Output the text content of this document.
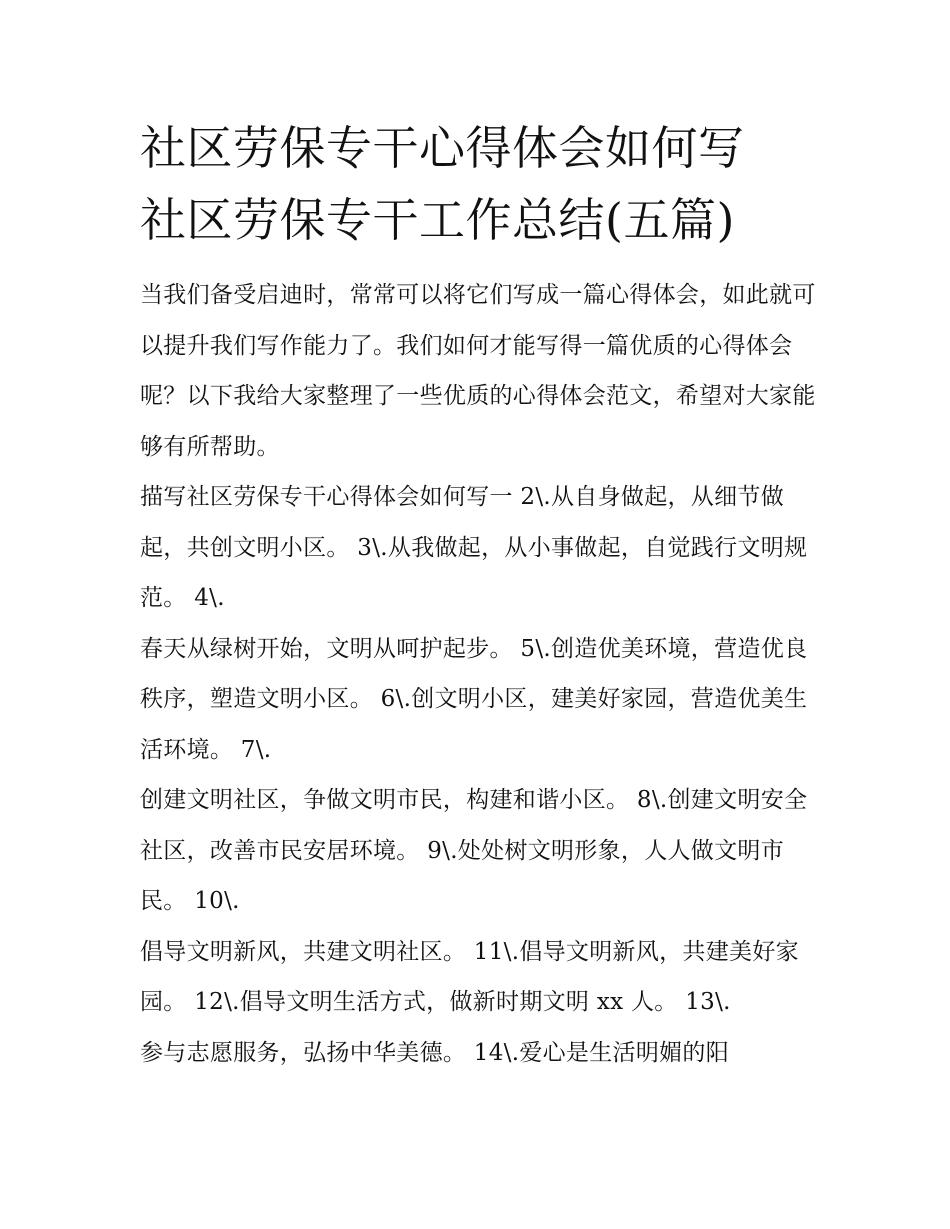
社区劳保专干心得体会如何写
社区劳保专干工作总结(五篇)

当我们备受启迪时，常常可以将它们写成一篇心得体会，如此就可以提升我们写作能力了。我们如何才能写得一篇优质的心得体会呢？以下我给大家整理了一些优质的心得体会范文，希望对大家能够有所帮助。

描写社区劳保专干心得体会如何写一 2\.从自身做起，从细节做起，共创文明小区。 3\.从我做起，从小事做起，自觉践行文明规范。 4\.

春天从绿树开始，文明从呵护起步。 5\.创造优美环境，营造优良秩序，塑造文明小区。 6\.创文明小区，建美好家园，营造优美生活环境。 7\.

创建文明社区，争做文明市民，构建和谐小区。 8\.创建文明安全社区，改善市民安居环境。 9\.处处树文明形象，人人做文明市民。 10\.

倡导文明新风，共建文明社区。 11\.倡导文明新风，共建美好家园。 12\.倡导文明生活方式，做新时期文明 xx 人。 13\.

参与志愿服务，弘扬中华美德。 14\.爱心是生活明媚的阳
